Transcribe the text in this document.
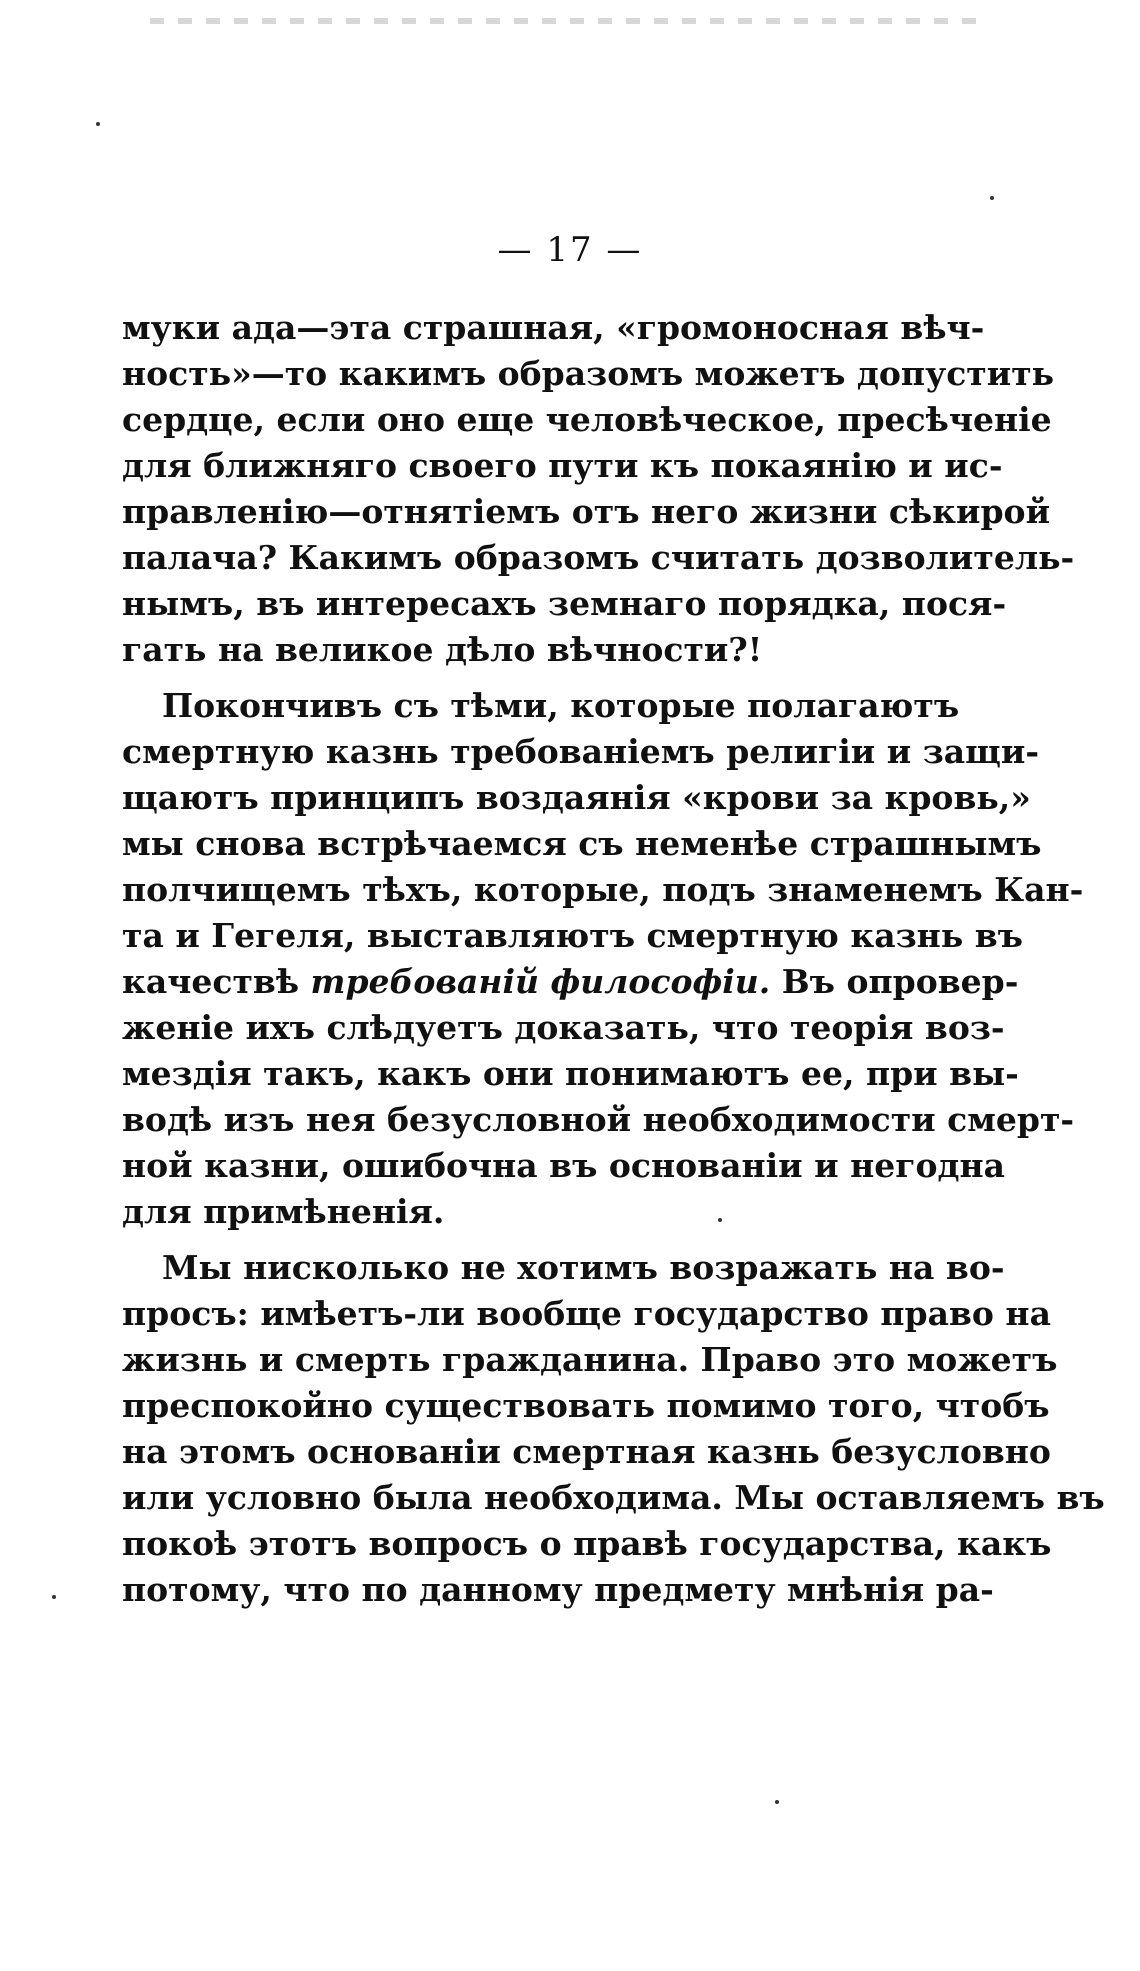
— 17 —
муки ада—эта страшная, «громоносная вѣч-
ность»—то какимъ образомъ можетъ допустить
сердце, если оно еще человѣческое, пресѣченіе
для ближняго своего пути къ покаянію и ис-
правленію—отнятіемъ отъ него жизни сѣкирой
палача? Какимъ образомъ считать дозволитель-
нымъ, въ интересахъ земнаго порядка, пося-
гать на великое дѣло вѣчности?!
Покончивъ съ тѣми, которые полагаютъ
смертную казнь требованіемъ религіи и защи-
щаютъ принципъ воздаянія «крови за кровь,»
мы снова встрѣчаемся съ неменѣе страшнымъ
полчищемъ тѣхъ, которые, подъ знаменемъ Кан-
та и Гегеля, выставляютъ смертную казнь въ
качествѣ требованій философіи. Въ опровер-
женіе ихъ слѣдуетъ доказать, что теорія воз-
мездія такъ, какъ они понимаютъ ее, при вы-
водѣ изъ нея безусловной необходимости смерт-
ной казни, ошибочна въ основаніи и негодна
для примѣненія.
Мы нисколько не хотимъ возражать на во-
просъ: имѣетъ-ли вообще государство право на
жизнь и смерть гражданина. Право это можетъ
преспокойно существовать помимо того, чтобъ
на этомъ основаніи смертная казнь безусловно
или условно была необходима. Мы оставляемъ въ
покоѣ этотъ вопросъ о правѣ государства, какъ
потому, что по данному предмету мнѣнія ра-
